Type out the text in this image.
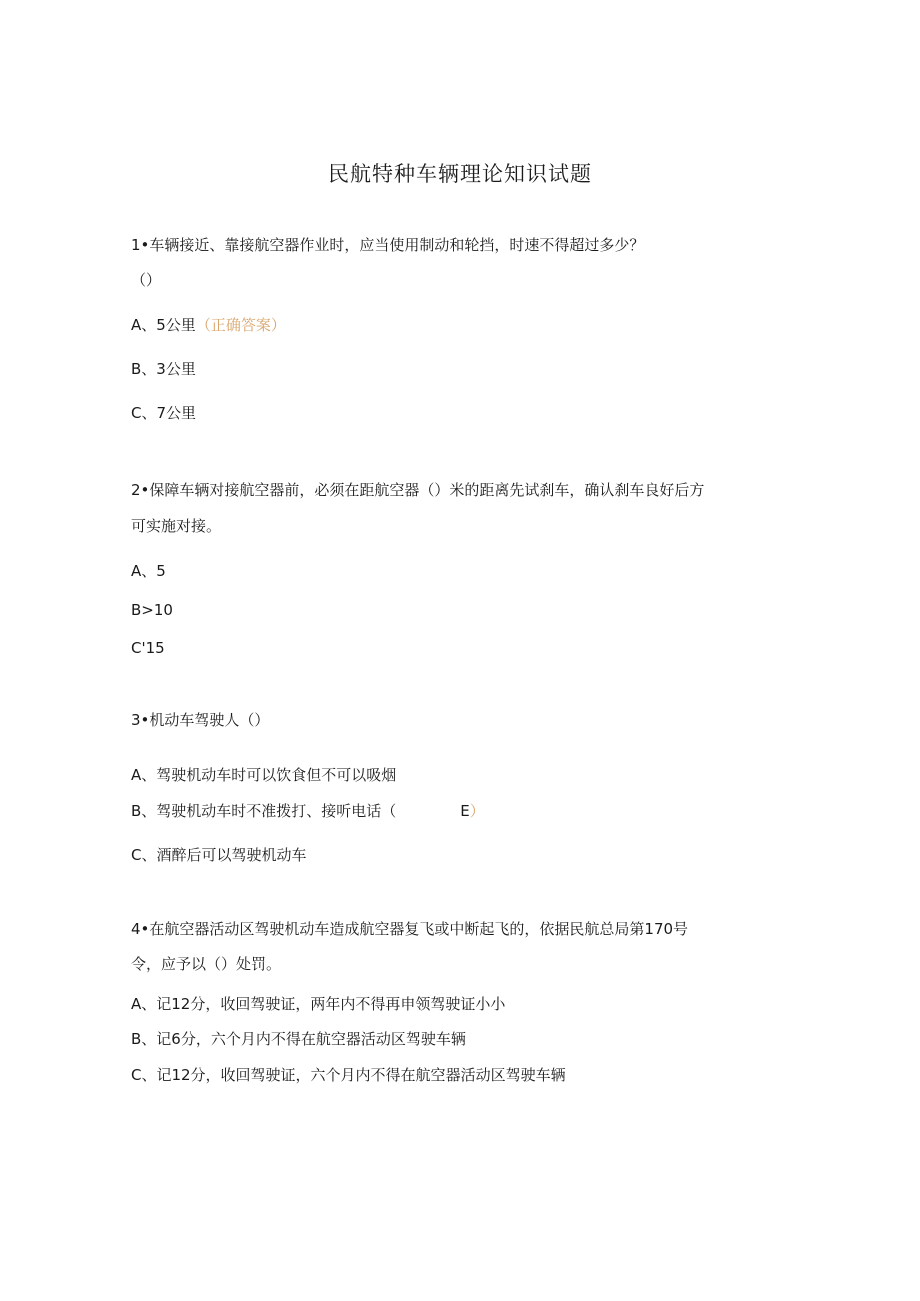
民航特种车辆理论知识试题
1•车辆接近、靠接航空器作业时，应当使用制动和轮挡，时速不得超过多少？
（）
A、5公里（正确答案）
B、3公里
C、7公里
2•保障车辆对接航空器前，必须在距航空器（）米的距离先试刹车，确认刹车良好后方
可实施对接。
A、5
B>10
C'15
3•机动车驾驶人（）
A、驾驶机动车时可以饮食但不可以吸烟
B、驾驶机动车时不准拨打、接听电话（	E）
C、酒醉后可以驾驶机动车
4•在航空器活动区驾驶机动车造成航空器复飞或中断起飞的，依据民航总局第170号
令，应予以（）处罚。
A、记12分，收回驾驶证，两年内不得再申领驾驶证小小
B、记6分，六个月内不得在航空器活动区驾驶车辆
C、记12分，收回驾驶证，六个月内不得在航空器活动区驾驶车辆
